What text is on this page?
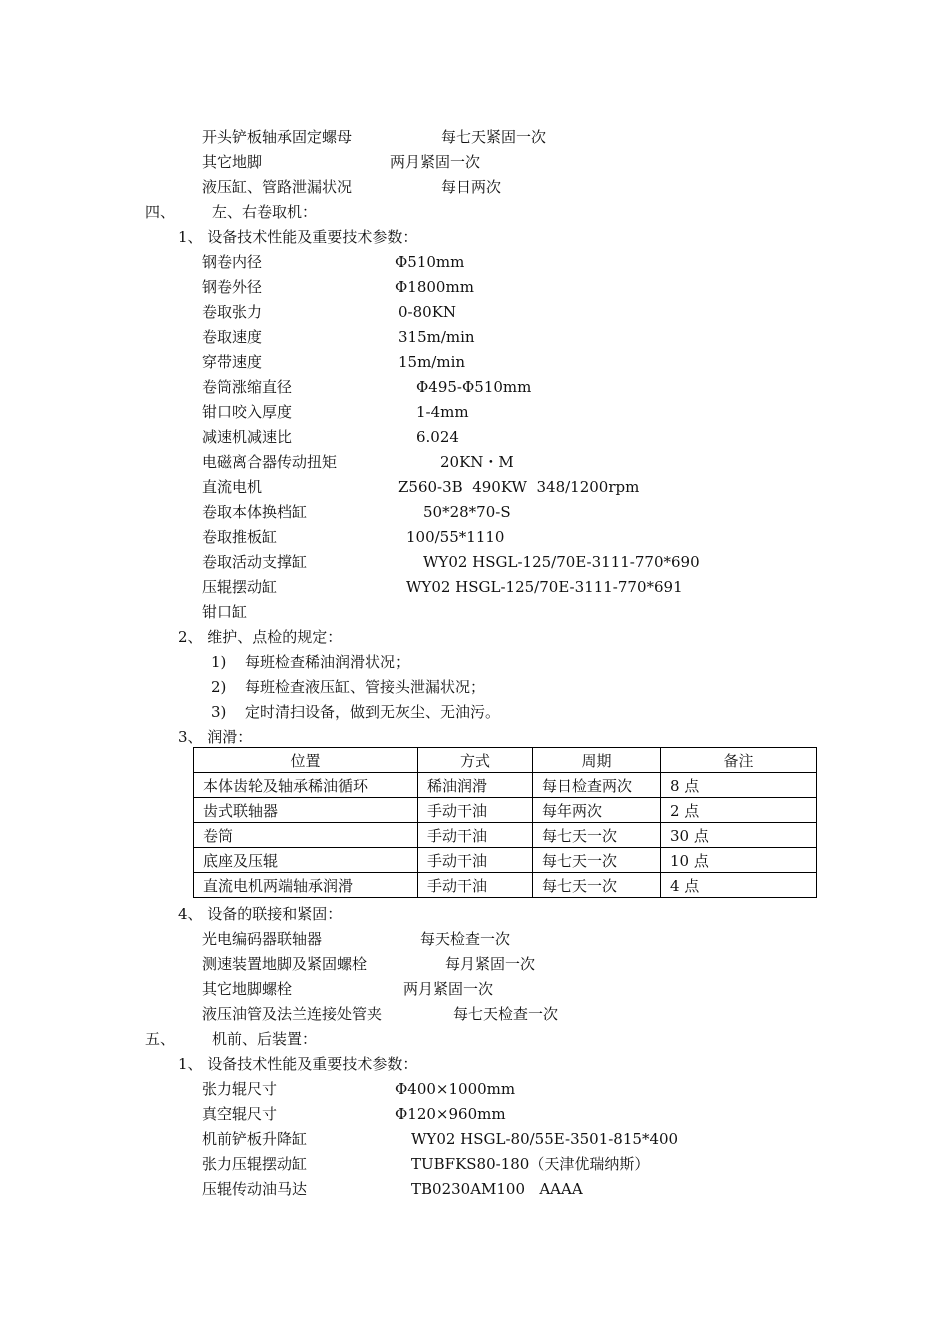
开头铲板轴承固定螺母	每七天紧固一次
其它地脚	两月紧固一次
液压缸、管路泄漏状况	每日两次
四、 左、右卷取机：
1、 设备技术性能及重要技术参数：
钢卷内径	Φ510mm
钢卷外径	Φ1800mm
卷取张力	0-80KN
卷取速度	315m/min
穿带速度	15m/min
卷筒涨缩直径	Φ495-Φ510mm
钳口咬入厚度	1-4mm
减速机减速比	6.024
电磁离合器传动扭矩	20KN・M
直流电机	Z560-3B  490KW  348/1200rpm
卷取本体换档缸	50*28*70-S
卷取推板缸	100/55*1110
卷取活动支撑缸	WY02 HSGL-125/70E-3111-770*690
压辊摆动缸	WY02 HSGL-125/70E-3111-770*691
钳口缸
2、 维护、点检的规定：
1) 每班检查稀油润滑状况；
2) 每班检查液压缸、管接头泄漏状况；
3) 定时清扫设备，做到无灰尘、无油污。
3、 润滑：
位置	方式	周期	备注
本体齿轮及轴承稀油循环	稀油润滑	每日检查两次	8 点
齿式联轴器	手动干油	每年两次	2 点
卷筒	手动干油	每七天一次	30 点
底座及压辊	手动干油	每七天一次	10 点
直流电机两端轴承润滑	手动干油	每七天一次	4 点
4、 设备的联接和紧固：
光电编码器联轴器	每天检查一次
测速装置地脚及紧固螺栓	每月紧固一次
其它地脚螺栓	两月紧固一次
液压油管及法兰连接处管夹	每七天检查一次
五、 机前、后装置：
1、 设备技术性能及重要技术参数：
张力辊尺寸	Φ400×1000mm
真空辊尺寸	Φ120×960mm
机前铲板升降缸	WY02 HSGL-80/55E-3501-815*400
张力压辊摆动缸	TUBFKS80-180（天津优瑞纳斯）
压辊传动油马达	TB0230AM100   AAAA
